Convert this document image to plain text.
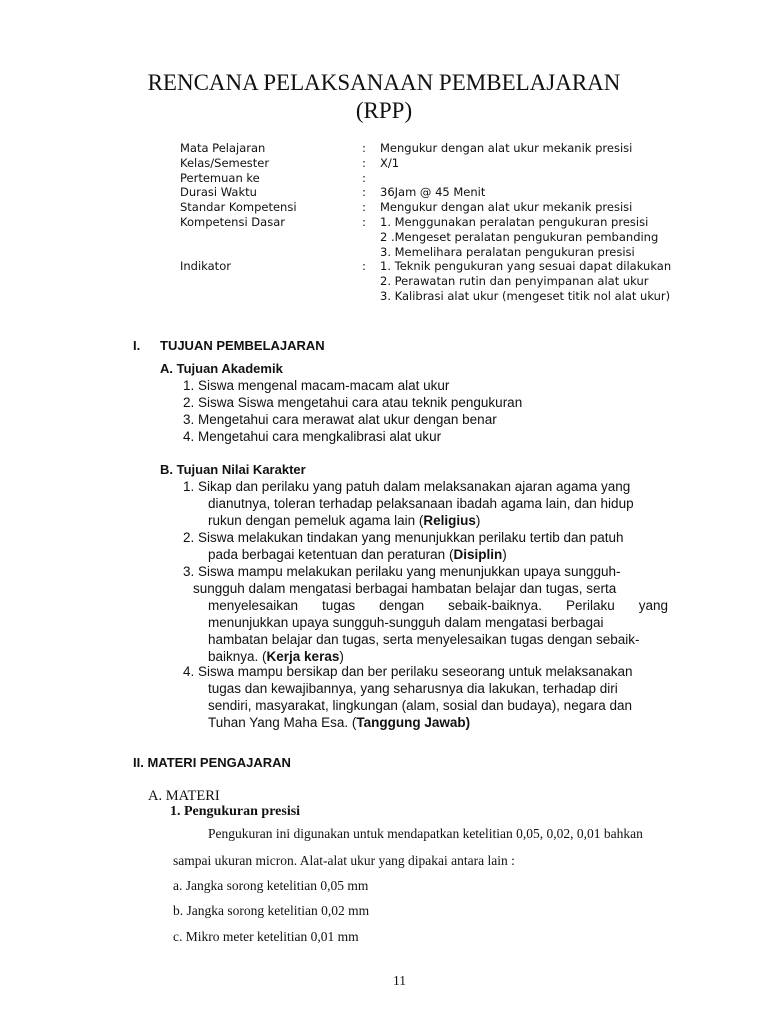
RENCANA PELAKSANAAN PEMBELAJARAN
(RPP)
Mata Pelajaran	: Mengukur dengan alat ukur mekanik presisi
Kelas/Semester	: X/1
Pertemuan ke	:
Durasi Waktu	: 36Jam @ 45 Menit
Standar Kompetensi	: Mengukur dengan alat ukur mekanik presisi
Kompetensi Dasar	: 1. Menggunakan peralatan pengukuran presisi
2 .Mengeset peralatan pengukuran pembanding
3. Memelihara peralatan pengukuran presisi
Indikator	: 1. Teknik pengukuran yang sesuai dapat dilakukan
2. Perawatan rutin dan penyimpanan alat ukur
3. Kalibrasi alat ukur (mengeset titik nol alat ukur)
I. TUJUAN PEMBELAJARAN
A. Tujuan Akademik
1. Siswa mengenal macam-macam alat ukur
2. Siswa Siswa mengetahui cara atau teknik pengukuran
3. Mengetahui cara merawat alat ukur dengan benar
4. Mengetahui cara mengkalibrasi alat ukur
B. Tujuan Nilai Karakter
1. Sikap dan perilaku yang patuh dalam melaksanakan ajaran agama yang
dianutnya, toleran terhadap pelaksanaan ibadah agama lain, dan hidup
rukun dengan pemeluk agama lain (Religius)
2. Siswa melakukan tindakan yang menunjukkan perilaku tertib dan patuh
pada berbagai ketentuan dan peraturan (Disiplin)
3. Siswa mampu melakukan perilaku yang menunjukkan upaya sungguh-
sungguh dalam mengatasi berbagai hambatan belajar dan tugas, serta
menyelesaikan tugas dengan sebaik-baiknya. Perilaku yang
menunjukkan upaya sungguh-sungguh dalam mengatasi berbagai
hambatan belajar dan tugas, serta menyelesaikan tugas dengan sebaik-
baiknya. (Kerja keras)
4. Siswa mampu bersikap dan ber perilaku seseorang untuk melaksanakan
tugas dan kewajibannya, yang seharusnya dia lakukan, terhadap diri
sendiri, masyarakat, lingkungan (alam, sosial dan budaya), negara dan
Tuhan Yang Maha Esa. (Tanggung Jawab)
II. MATERI PENGAJARAN
A. MATERI
1. Pengukuran presisi
Pengukuran ini digunakan untuk mendapatkan ketelitian 0,05, 0,02, 0,01 bahkan
sampai ukuran micron. Alat-alat ukur yang dipakai antara lain :
a. Jangka sorong ketelitian 0,05 mm
b. Jangka sorong ketelitian 0,02 mm
c. Mikro meter ketelitian 0,01 mm
11
